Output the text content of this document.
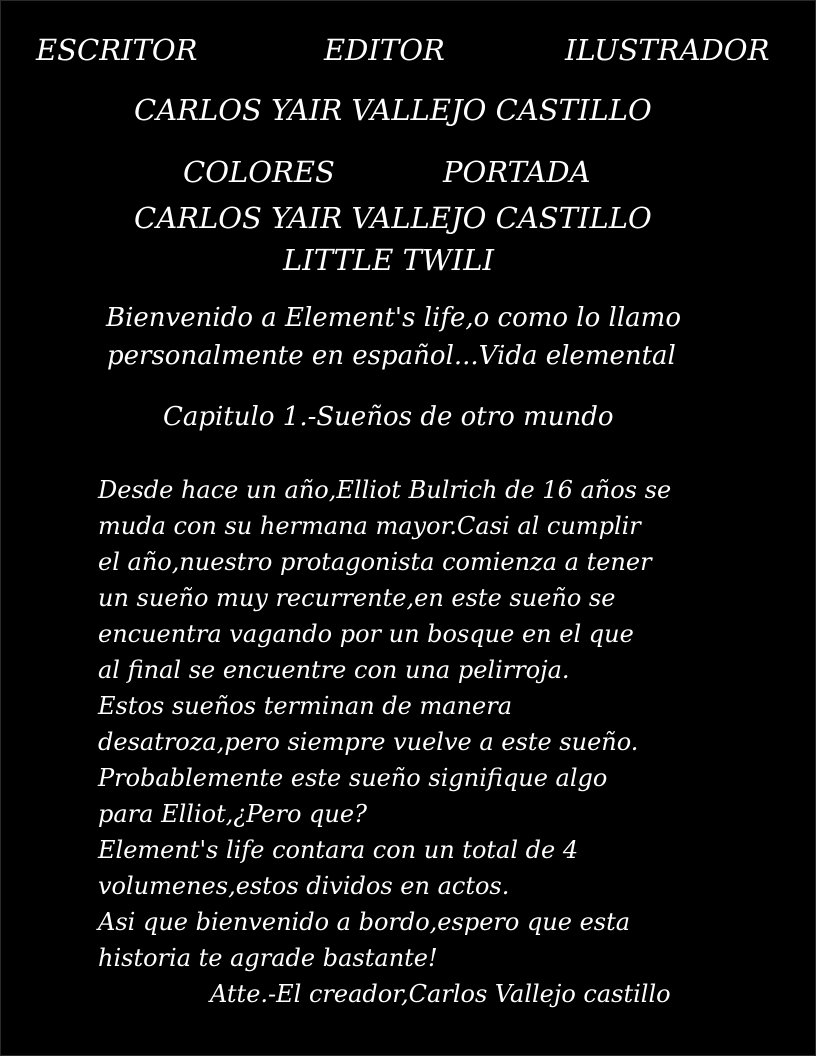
ESCRITOR	EDITOR	ILUSTRADOR
CARLOS YAIR VALLEJO CASTILLO
COLORES	PORTADA
CARLOS YAIR VALLEJO CASTILLO
LITTLE TWILI
Bienvenido a Element's life,o como lo llamo
personalmente en español...Vida elemental
Capitulo 1.-Sueños de otro mundo
Desde hace un año,Elliot Bulrich de 16 años se
muda con su hermana mayor.Casi al cumplir
el año,nuestro protagonista comienza a tener
un sueño muy recurrente,en este sueño se
encuentra vagando por un bosque en el que
al final se encuentre con una pelirroja.
Estos sueños terminan de manera
desatroza,pero siempre vuelve a este sueño.
Probablemente este sueño signifique algo
para Elliot,¿Pero que?
Element's life contara con un total de 4
volumenes,estos dividos en actos.
Asi que bienvenido a bordo,espero que esta
historia te agrade bastante!
Atte.-El creador,Carlos Vallejo castillo
